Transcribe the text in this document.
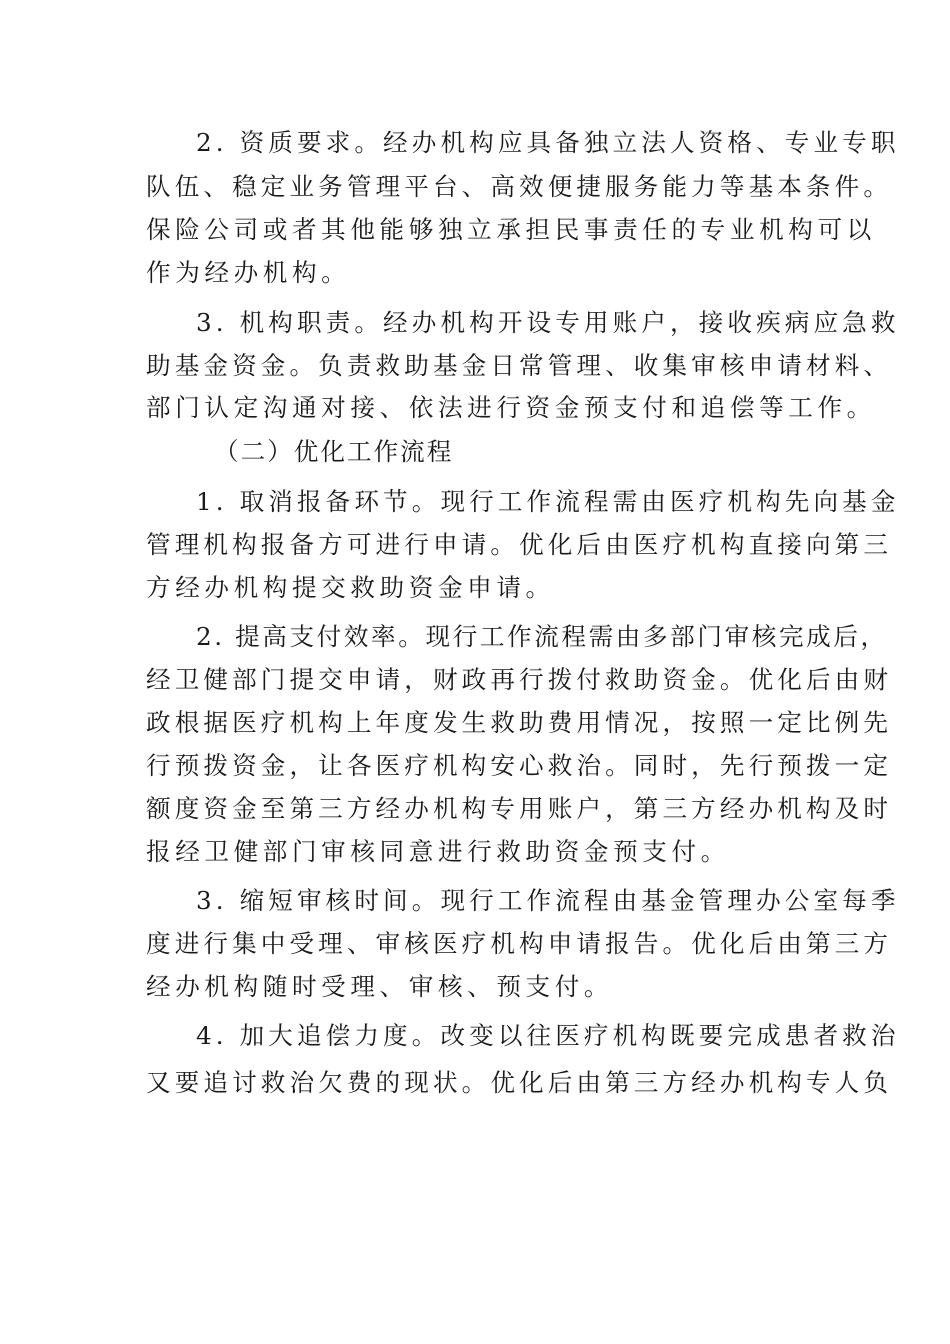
2. 资质要求。经办机构应具备独立法人资格、专业专职
队伍、稳定业务管理平台、高效便捷服务能力等基本条件。
保险公司或者其他能够独立承担民事责任的专业机构可以
作为经办机构。
3. 机构职责。经办机构开设专用账户，接收疾病应急救
助基金资金。负责救助基金日常管理、收集审核申请材料、
部门认定沟通对接、依法进行资金预支付和追偿等工作。
（二）优化工作流程
1. 取消报备环节。现行工作流程需由医疗机构先向基金
管理机构报备方可进行申请。优化后由医疗机构直接向第三
方经办机构提交救助资金申请。
2. 提高支付效率。现行工作流程需由多部门审核完成后，
经卫健部门提交申请，财政再行拨付救助资金。优化后由财
政根据医疗机构上年度发生救助费用情况，按照一定比例先
行预拨资金，让各医疗机构安心救治。同时，先行预拨一定
额度资金至第三方经办机构专用账户，第三方经办机构及时
报经卫健部门审核同意进行救助资金预支付。
3. 缩短审核时间。现行工作流程由基金管理办公室每季
度进行集中受理、审核医疗机构申请报告。优化后由第三方
经办机构随时受理、审核、预支付。
4. 加大追偿力度。改变以往医疗机构既要完成患者救治
又要追讨救治欠费的现状。优化后由第三方经办机构专人负
